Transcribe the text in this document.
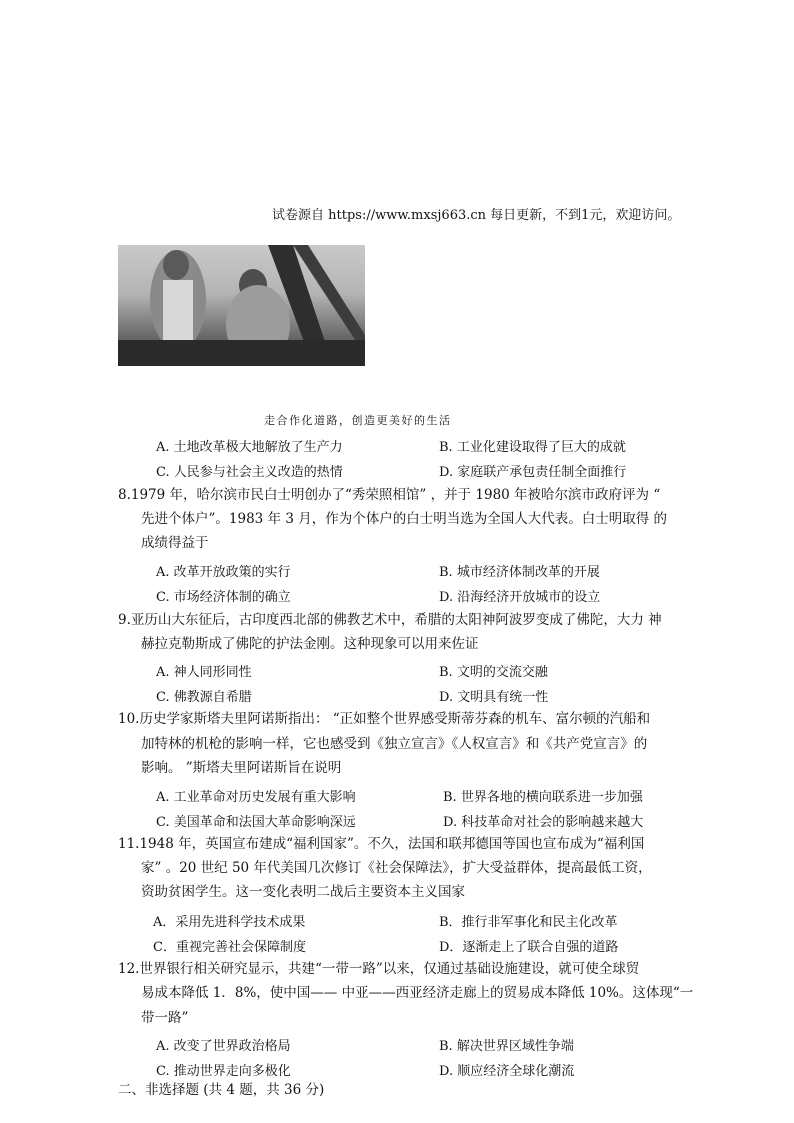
试卷源自 https://www.mxsj663.cn 每日更新，不到1元，欢迎访问。
走合作化道路，创造更美好的生活
A. 土地改革极大地解放了生产力	B. 工业化建设取得了巨大的成就
C. 人民参与社会主义改造的热情	D. 家庭联产承包责任制全面推行
8.1979 年，哈尔滨市民白士明创办了“秀荣照相馆” ，并于 1980 年被哈尔滨市政府评为 “
先进个体户”。1983 年 3 月，作为个体户的白士明当选为全国人大代表。白士明取得 的
成绩得益于
A. 改革开放政策的实行	B. 城市经济体制改革的开展
C. 市场经济体制的确立	D. 沿海经济开放城市的设立
9.亚历山大东征后，古印度西北部的佛教艺术中，希腊的太阳神阿波罗变成了佛陀，大力 神
赫拉克勒斯成了佛陀的护法金刚。这种现象可以用来佐证
A. 神人同形同性	B. 文明的交流交融
C. 佛教源自希腊	D. 文明具有统一性
10.历史学家斯塔夫里阿诺斯指出： “正如整个世界感受斯蒂芬森的机车、富尔顿的汽船和
加特林的机枪的影响一样，它也感受到《独立宣言》《人权宣言》和《共产党宣言》的
影响。 ”斯塔夫里阿诺斯旨在说明
A. 工业革命对历史发展有重大影响	B. 世界各地的横向联系进一步加强
C. 美国革命和法国大革命影响深远	D. 科技革命对社会的影响越来越大
11.1948 年，英国宣布建成“福利国家”。不久，法国和联邦德国等国也宣布成为“福利国
家” 。20 世纪 50 年代美国几次修订《社会保障法》，扩大受益群体，提高最低工资，
资助贫困学生。这一变化表明二战后主要资本主义国家
A．采用先进科学技术成果	B．推行非军事化和民主化改革
C．重视完善社会保障制度	D．逐渐走上了联合自强的道路
12.世界银行相关研究显示，共建“一带一路”以来，仅通过基础设施建设，就可使全球贸
易成本降低 1．8%，使中国—— 中亚——西亚经济走廊上的贸易成本降低 10%。这体现“一
带一路”
A. 改变了世界政治格局	B. 解决世界区域性争端
C. 推动世界走向多极化	D. 顺应经济全球化潮流
二、非选择题 (共 4 题，共 36 分)
